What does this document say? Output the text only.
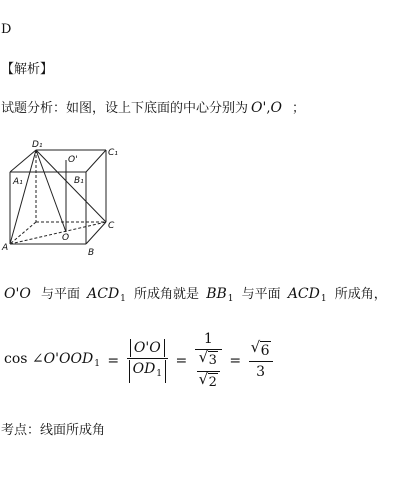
D
【解析】
试题分析：如图，设上下底面的中心分别为 O',O ；
D₁
C₁
A₁	B₁
O'
A	B
C
O
O'O 与平面 $ACD_1$ 所成角就是 $BB_1$ 与平面 $ACD_1$ 所成角，
$\cos \angle O'OOD_1 = \frac{O'O}{OD_1} = \frac{1}{\frac{√ 3}{√ 2}} = \frac{√ 6}{3}$
考点：线面所成角
